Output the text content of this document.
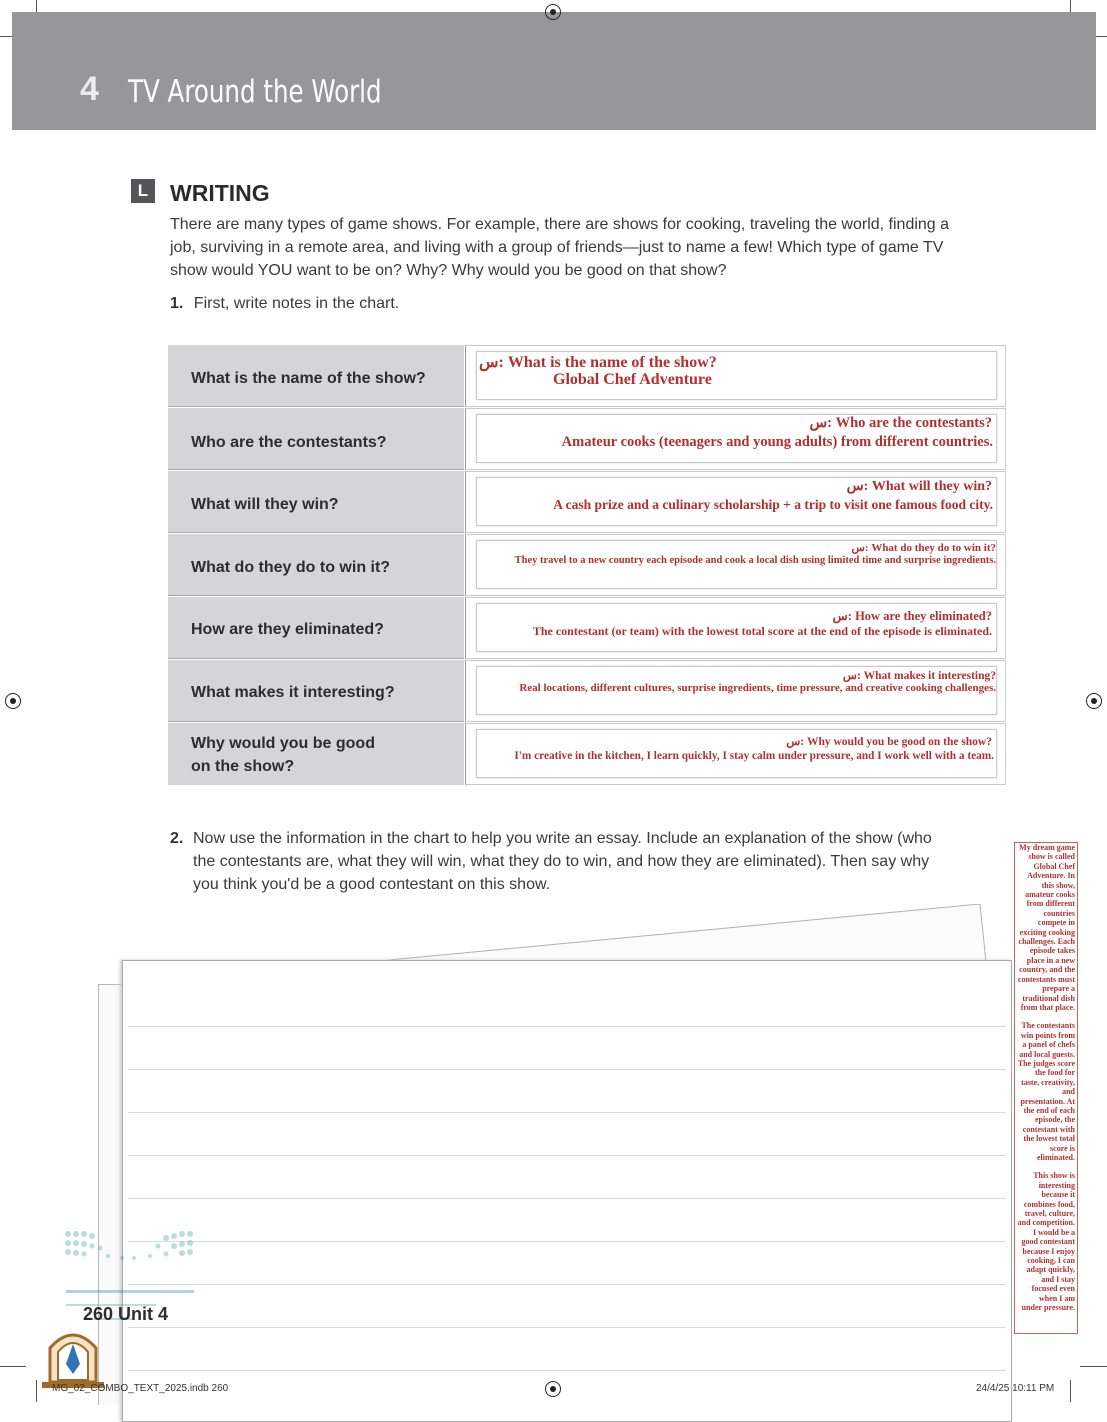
4 TV Around the World
L WRITING
There are many types of game shows. For example, there are shows for cooking, traveling the world, finding a job, surviving in a remote area, and living with a group of friends—just to name a few! Which type of game TV show would YOU want to be on? Why? Why would you be good on that show?
1. First, write notes in the chart.
What is the name of the show?
س: What is the name of the show?
Global Chef Adventure
Who are the contestants?
س: Who are the contestants?
Amateur cooks (teenagers and young adults) from different countries.
What will they win?
س: What will they win?
A cash prize and a culinary scholarship + a trip to visit one famous food city.
What do they do to win it?
س: What do they do to win it?
They travel to a new country each episode and cook a local dish using limited time and surprise ingredients.
How are they eliminated?
س: How are they eliminated?
The contestant (or team) with the lowest total score at the end of the episode is eliminated.
What makes it interesting?
س: What makes it interesting?
Real locations, different cultures, surprise ingredients, time pressure, and creative cooking challenges.
Why would you be good
on the show?
س: Why would you be good on the show?
I'm creative in the kitchen, I learn quickly, I stay calm under pressure, and I work well with a team.
2. Now use the information in the chart to help you write an essay. Include an explanation of the show (who the contestants are, what they will win, what they do to win, and how they are eliminated). Then say why you think you'd be a good contestant on this show.
My dream game show is called Global Chef Adventure. In this show, amateur cooks from different countries compete in exciting cooking challenges. Each episode takes place in a new country, and the contestants must prepare a traditional dish from that place.
The contestants win points from a panel of chefs and local guests. The judges score the food for taste, creativity, and presentation. At the end of each episode, the contestant with the lowest total score is eliminated.
This show is interesting because it combines food, travel, culture, and competition. I would be a good contestant because I enjoy cooking, I can adapt quickly, and I stay focused even when I am under pressure.
260 Unit 4
MG_02_COMBO_TEXT_2025.indb 260	24/4/25 10:11 PM
